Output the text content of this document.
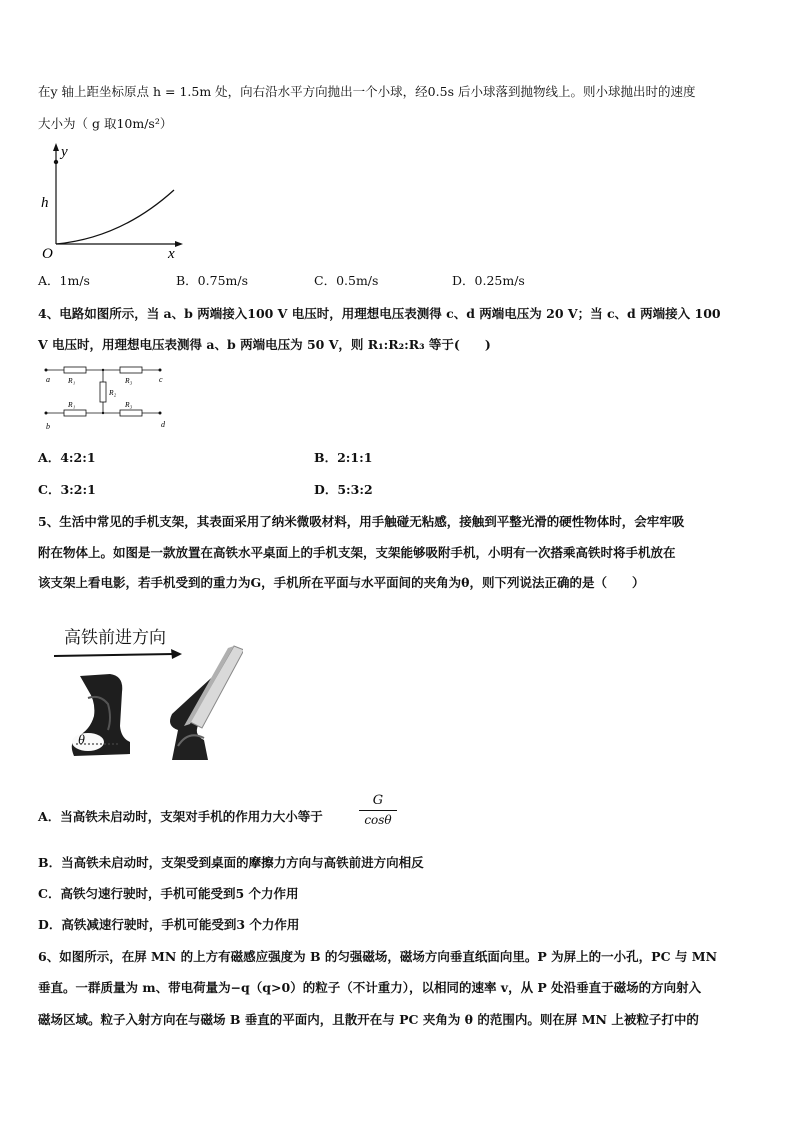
在y 轴上距坐标原点 h = 1.5m 处，向右沿水平方向抛出一个小球，经0.5s 后小球落到抛物线上。则小球抛出时的速度
大小为（ g 取10m/s²）
y
h
O	x
A．1m/s	B．0.75m/s	C．0.5m/s	D．0.25m/s
4、电路如图所示，当 a、b 两端接入100 V 电压时，用理想电压表测得 c、d 两端电压为 20 V；当 c、d 两端接入 100
V 电压时，用理想电压表测得 a、b 两端电压为 50 V，则 R₁:R₂:R₃ 等于(　　)
a
b
c
d
R₁	R₃
R₂
R₁	R₃
A．4:2:1	B．2:1:1
C．3:2:1	D．5:3:2
5、生活中常见的手机支架，其表面采用了纳米微吸材料，用手触碰无粘感，接触到平整光滑的硬性物体时，会牢牢吸
附在物体上。如图是一款放置在高铁水平桌面上的手机支架，支架能够吸附手机，小明有一次搭乘高铁时将手机放在
该支架上看电影，若手机受到的重力为G，手机所在平面与水平面间的夹角为θ，则下列说法正确的是（　　）
高铁前进方向
θ
A．当高铁未启动时，支架对手机的作用力大小等于
G
cosθ
B．当高铁未启动时，支架受到桌面的摩擦力方向与高铁前进方向相反
C．高铁匀速行驶时，手机可能受到5 个力作用
D．高铁减速行驶时，手机可能受到3 个力作用
6、如图所示，在屏 MN 的上方有磁感应强度为 B 的匀强磁场，磁场方向垂直纸面向里。P 为屏上的一小孔，PC 与 MN
垂直。一群质量为 m、带电荷量为−q（q>0）的粒子（不计重力），以相同的速率 v，从 P 处沿垂直于磁场的方向射入
磁场区域。粒子入射方向在与磁场 B 垂直的平面内，且散开在与 PC 夹角为 θ 的范围内。则在屏 MN 上被粒子打中的
